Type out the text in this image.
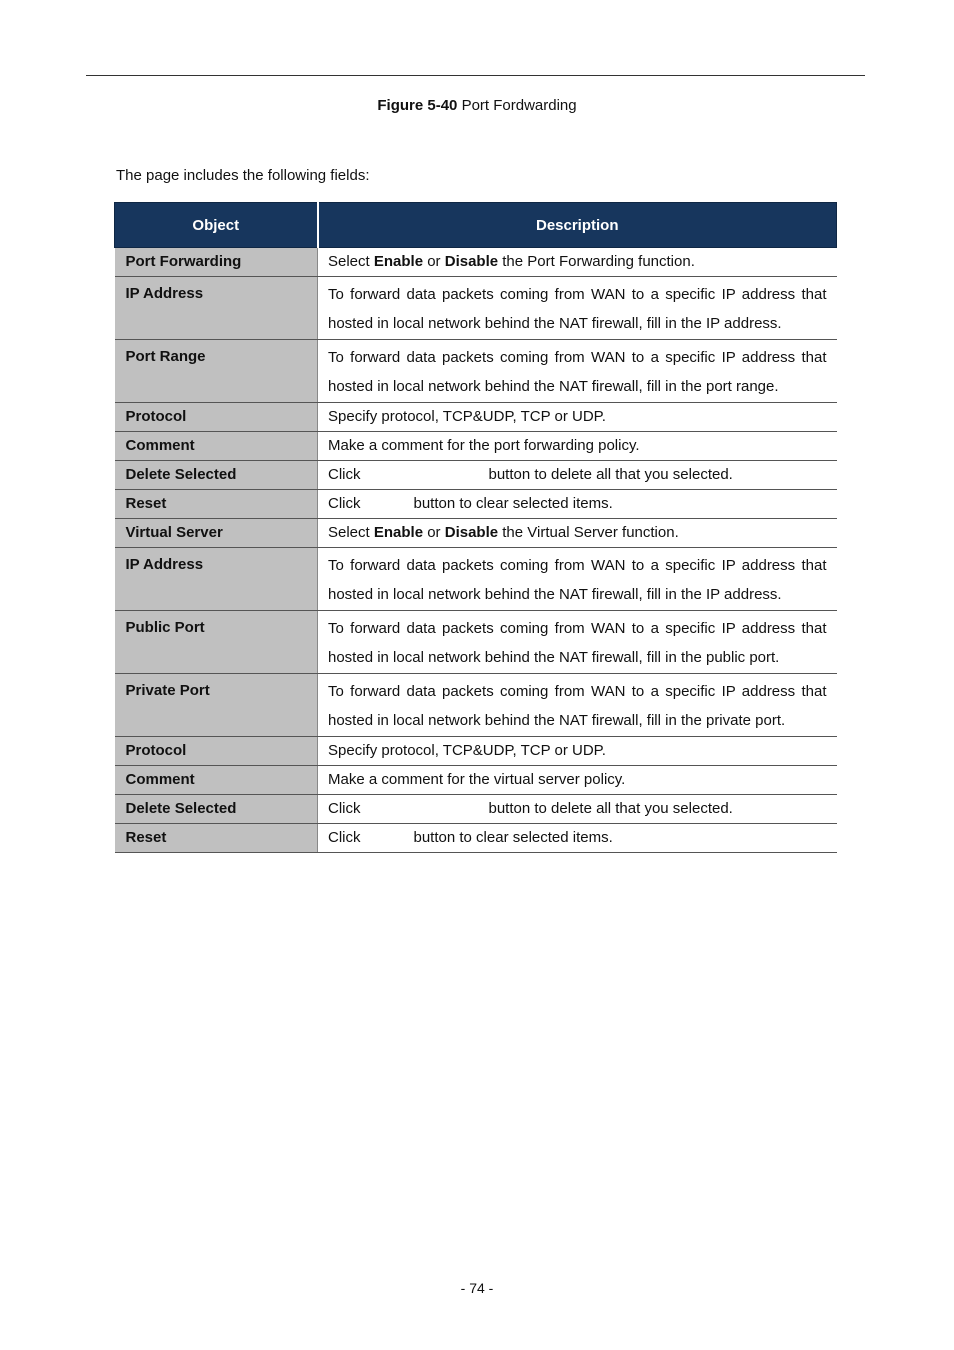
Figure 5-40 Port Fordwarding
The page includes the following fields:
Object	Description
Port Forwarding	Select Enable or Disable the Port Forwarding function.
IP Address	To forward data packets coming from WAN to a specific IP address that hosted in local network behind the NAT firewall, fill in the IP address.
Port Range	To forward data packets coming from WAN to a specific IP address that hosted in local network behind the NAT firewall, fill in the port range.
Protocol	Specify protocol, TCP&UDP, TCP or UDP.
Comment	Make a comment for the port forwarding policy.
Delete Selected	Click button to delete all that you selected.
Reset	Click button to clear selected items.
Virtual Server	Select Enable or Disable the Virtual Server function.
IP Address	To forward data packets coming from WAN to a specific IP address that hosted in local network behind the NAT firewall, fill in the IP address.
Public Port	To forward data packets coming from WAN to a specific IP address that hosted in local network behind the NAT firewall, fill in the public port.
Private Port	To forward data packets coming from WAN to a specific IP address that hosted in local network behind the NAT firewall, fill in the private port.
Protocol	Specify protocol, TCP&UDP, TCP or UDP.
Comment	Make a comment for the virtual server policy.
Delete Selected	Click button to delete all that you selected.
Reset	Click button to clear selected items.
- 74 -
